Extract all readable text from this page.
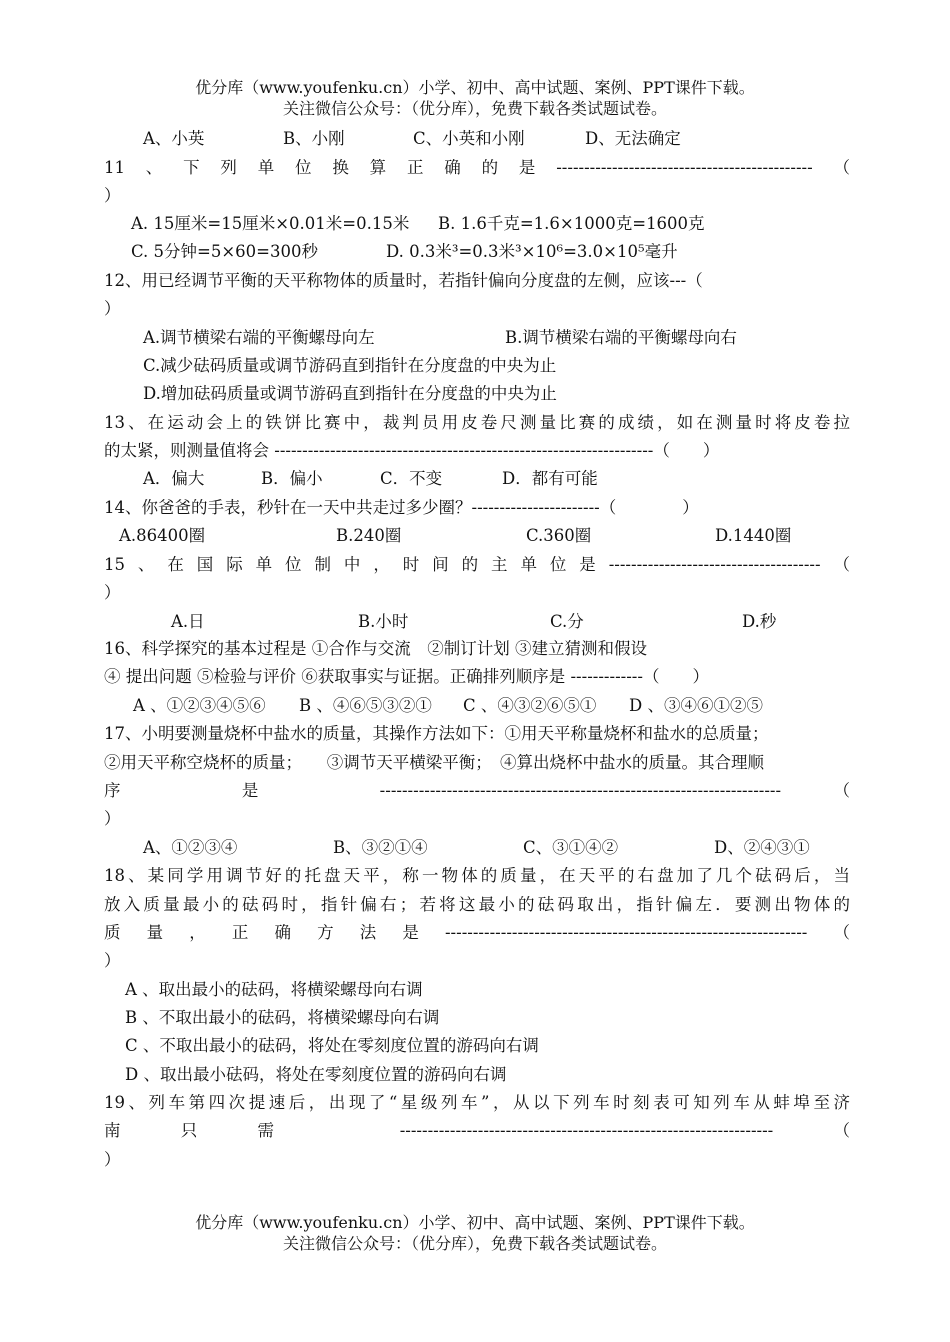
优分库（www.youfenku.cn）小学、初中、高中试题、案例、PPT课件下载。
关注微信公众号：（优分库），免费下载各类试题试卷。
A、小英	B、小刚	C、小英和小刚	D、无法确定
11、下列单位换算正确的是----------------------------------------------（
）
A. 15厘米=15厘米×0.01米=0.15米 B. 1.6千克=1.6×1000克=1600克
C. 5分钟=5×60=300秒	D. 0.3米³=0.3米³×10⁶=3.0×10⁵毫升
12、用已经调节平衡的天平称物体的质量时，若指针偏向分度盘的左侧，应该---（
）
A.调节横梁右端的平衡螺母向左	B.调节横梁右端的平衡螺母向右
C.减少砝码质量或调节游码直到指针在分度盘的中央为止
D.增加砝码质量或调节游码直到指针在分度盘的中央为止
13、在运动会上的铁饼比赛中，裁判员用皮卷尺测量比赛的成绩，如在测量时将皮卷拉
的太紧，则测量值将会 --------------------------------------------------------------------（　　）
A．偏大	B．偏小	C．不变	D．都有可能
14、你爸爸的手表，秒针在一天中共走过多少圈？-----------------------（　　　　）
A.86400圈	B.240圈	C.360圈	D.1440圈
15、在国际单位制中，时间的主单位是--------------------------------------（
）
A.日	B.小时	C.分	D.秒
16、科学探究的基本过程是 ①合作与交流　②制订计划 ③建立猜测和假设
④ 提出问题 ⑤检验与评价 ⑥获取事实与证据。正确排列顺序是 -------------（　　）
A 、①②③④⑤⑥ B 、④⑥⑤③②① C 、④③②⑥⑤① D 、③④⑥①②⑤
17、小明要测量烧杯中盐水的质量，其操作方法如下：①用天平称量烧杯和盐水的总质量；
②用天平称空烧杯的质量；　　③调节天平横梁平衡；　④算出烧杯中盐水的质量。其合理顺
序　是　------------------------------------------------------------------------（
）
A、①②③④	B、③②①④	C、③①④②	D、②④③①
18、某同学用调节好的托盘天平，称一物体的质量，在天平的右盘加了几个砝码后，当
放入质量最小的砝码时，指针偏右；若将这最小的砝码取出，指针偏左．要测出物体的
质量，正确方法是-----------------------------------------------------------------（
）
A 、取出最小的砝码，将横梁螺母向右调
B 、不取出最小的砝码，将横梁螺母向右调
C 、不取出最小的砝码，将处在零刻度位置的游码向右调
D 、取出最小砝码，将处在零刻度位置的游码向右调
19、列车第四次提速后，出现了“星级列车”，从以下列车时刻表可知列车从蚌埠至济
南只需 -------------------------------------------------------------------（
）
优分库（www.youfenku.cn）小学、初中、高中试题、案例、PPT课件下载。
关注微信公众号：（优分库），免费下载各类试题试卷。
